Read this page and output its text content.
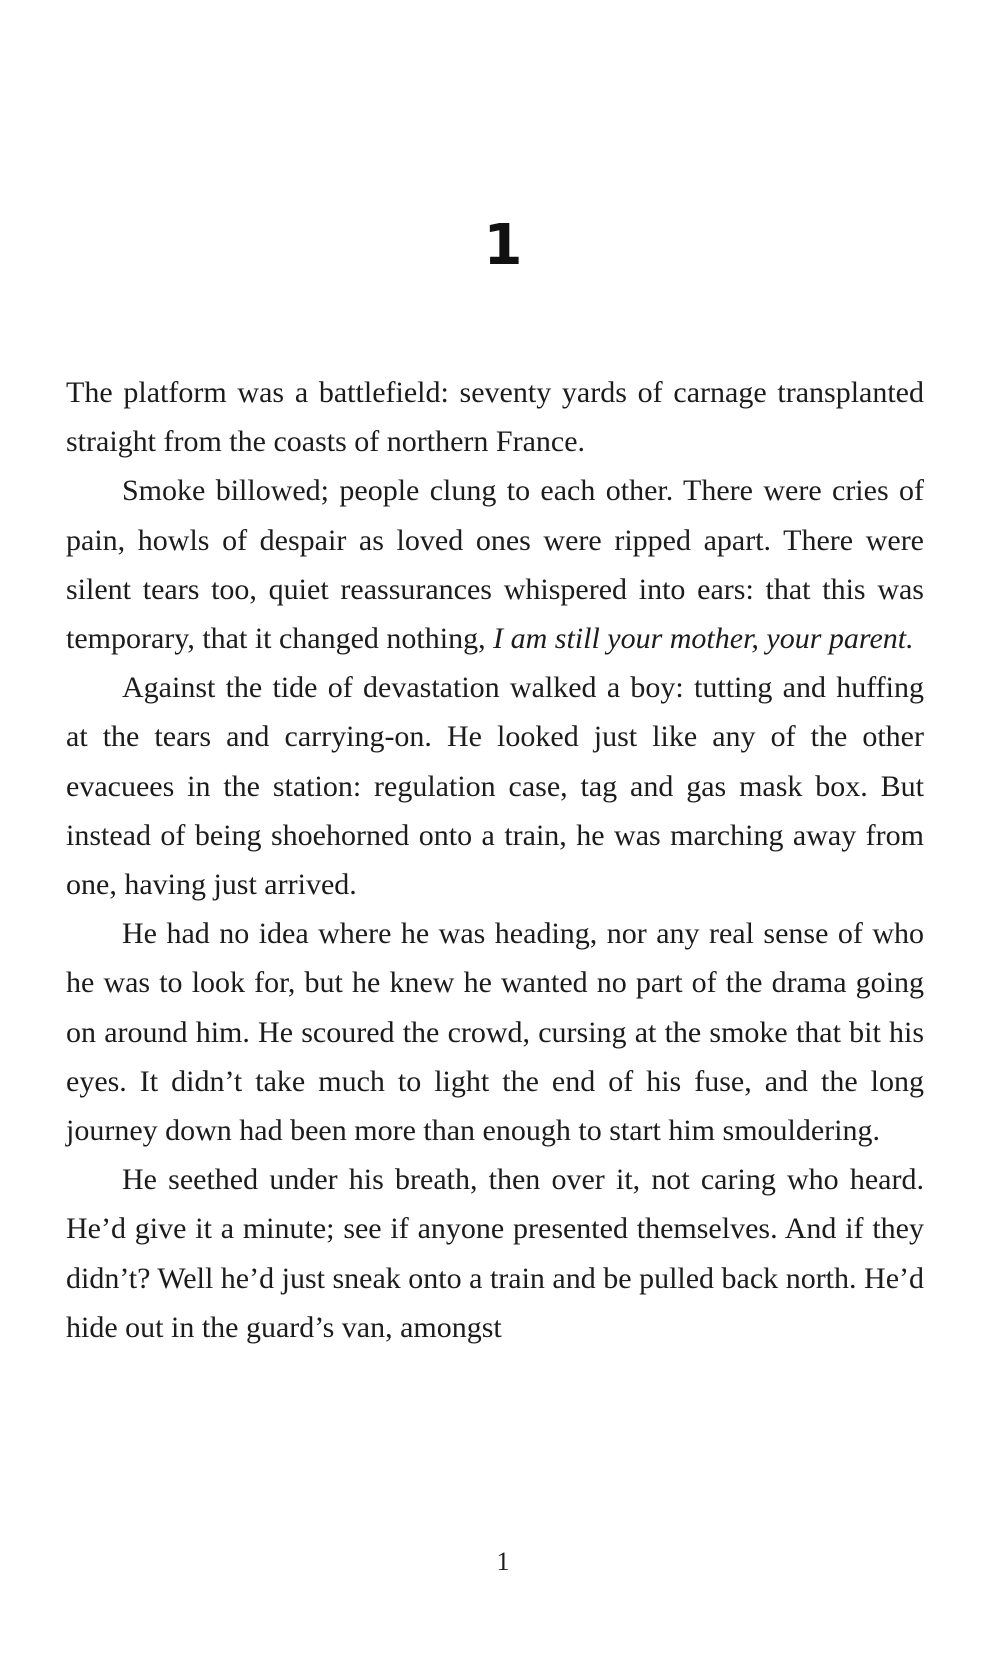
1

The platform was a battlefield: seventy yards of carnage transplanted straight from the coasts of northern France.

Smoke billowed; people clung to each other. There were cries of pain, howls of despair as loved ones were ripped apart. There were silent tears too, quiet reassurances whispered into ears: that this was temporary, that it changed nothing, I am still your mother, your parent.

Against the tide of devastation walked a boy: tutting and huffing at the tears and carrying-on. He looked just like any of the other evacuees in the station: regulation case, tag and gas mask box. But instead of being shoehorned onto a train, he was marching away from one, having just arrived.

He had no idea where he was heading, nor any real sense of who he was to look for, but he knew he wanted no part of the drama going on around him. He scoured the crowd, cursing at the smoke that bit his eyes. It didn’t take much to light the end of his fuse, and the long journey down had been more than enough to start him smouldering.

He seethed under his breath, then over it, not caring who heard. He’d give it a minute; see if anyone presented themselves. And if they didn’t? Well he’d just sneak onto a train and be pulled back north. He’d hide out in the guard’s van, amongst

1
